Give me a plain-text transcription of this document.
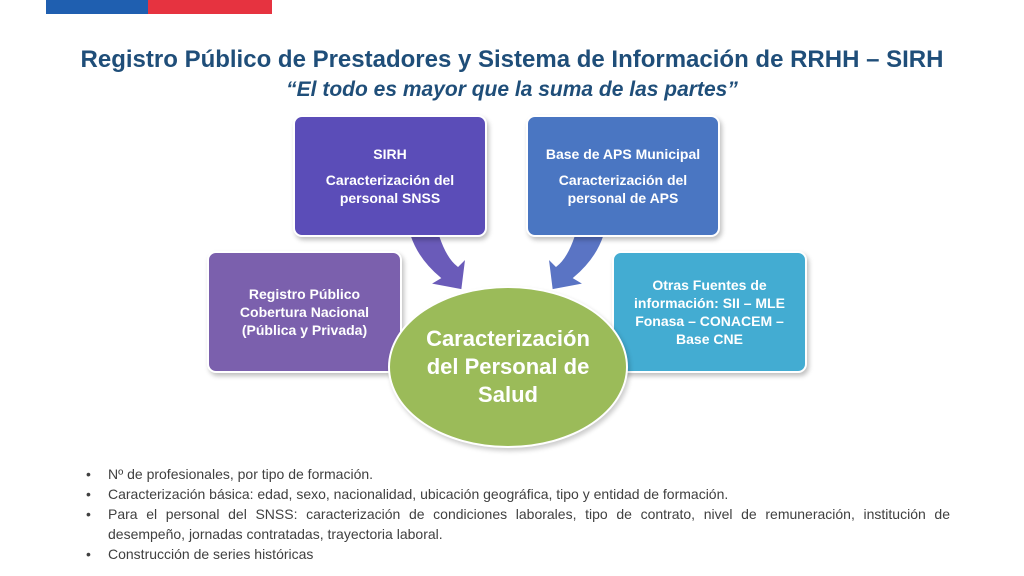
Registro Público de Prestadores y Sistema de Información de RRHH – SIRH
“El todo es mayor que la suma de las partes”
SIRH
Caracterización del personal SNSS
Base de APS Municipal
Caracterización del personal de APS
Registro Público Cobertura Nacional (Pública y Privada)
Otras Fuentes de información: SII – MLE Fonasa – CONACEM – Base CNE
Caracterización del Personal de Salud
• Nº de profesionales, por tipo de formación.
• Caracterización básica: edad, sexo, nacionalidad, ubicación geográfica, tipo y entidad de formación.
• Para el personal del SNSS: caracterización de condiciones laborales, tipo de contrato, nivel de remuneración, institución de desempeño, jornadas contratadas, trayectoria laboral.
• Construcción de series históricas
